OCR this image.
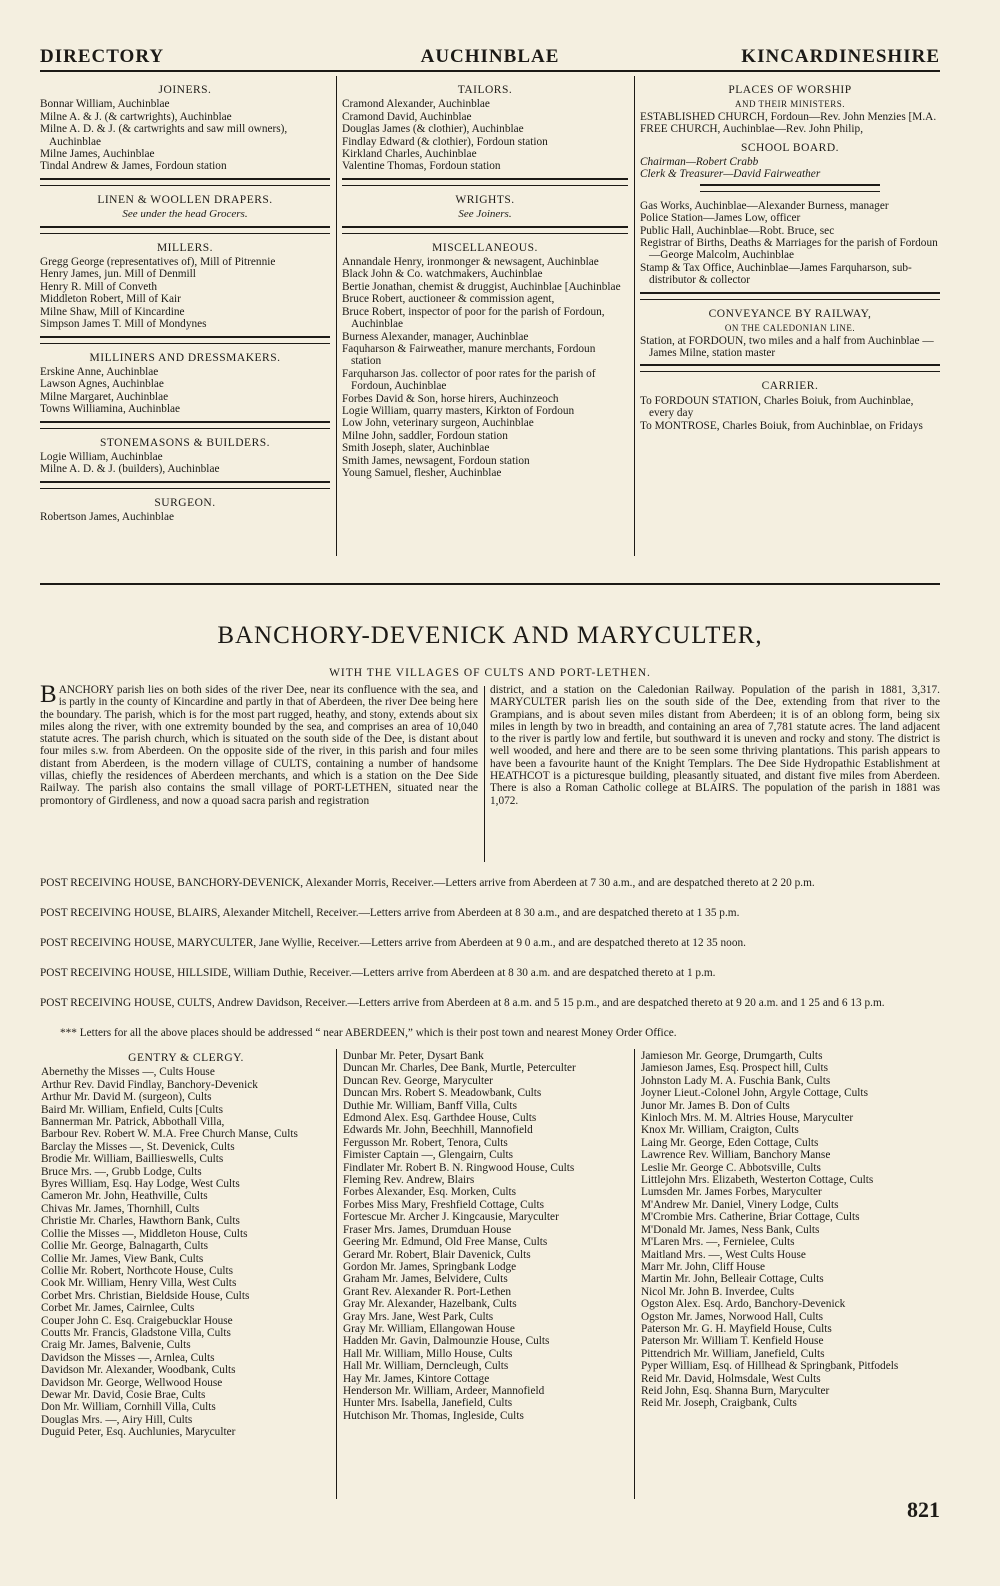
DIRECTORY	AUCHINBLAE	KINCARDINESHIRE
JOINERS.
Bonnar William, Auchinblae
Milne A. & J. (& cartwrights), Auchinblae
Milne A. D. & J. (& cartwrights and saw mill owners), Auchinblae
Milne James, Auchinblae
Tindal Andrew & James, Fordoun station
LINEN & WOOLLEN DRAPERS.
See under the head Grocers.
MILLERS.
Gregg George (representatives of), Mill of Pitrennie
Henry James, jun. Mill of Denmill
Henry R. Mill of Conveth
Middleton Robert, Mill of Kair
Milne Shaw, Mill of Kincardine
Simpson James T. Mill of Mondynes
MILLINERS AND DRESSMAKERS.
Erskine Anne, Auchinblae
Lawson Agnes, Auchinblae
Milne Margaret, Auchinblae
Towns Williamina, Auchinblae
STONEMASONS & BUILDERS.
Logie William, Auchinblae
Milne A. D. & J. (builders), Auchinblae
SURGEON.
Robertson James, Auchinblae
TAILORS.
Cramond Alexander, Auchinblae
Cramond David, Auchinblae
Douglas James (& clothier), Auchinblae
Findlay Edward (& clothier), Fordoun station
Kirkland Charles, Auchinblae
Valentine Thomas, Fordoun station
WRIGHTS.
See Joiners.
MISCELLANEOUS.
Annandale Henry, ironmonger & newsagent, Auchinblae
Black John & Co. watchmakers, Auchinblae
Bertie Jonathan, chemist & druggist, Auchinblae [Auchinblae
Bruce Robert, auctioneer & commission agent,
Bruce Robert, inspector of poor for the parish of Fordoun, Auchinblae
Burness Alexander, manager, Auchinblae
Faquharson & Fairweather, manure merchants, Fordoun station
Farquharson Jas. collector of poor rates for the parish of Fordoun, Auchinblae
Forbes David & Son, horse hirers, Auchinzeoch
Logie William, quarry masters, Kirkton of Fordoun
Low John, veterinary surgeon, Auchinblae
Milne John, saddler, Fordoun station
Smith Joseph, slater, Auchinblae
Smith James, newsagent, Fordoun station
Young Samuel, flesher, Auchinblae
PLACES OF WORSHIP
AND THEIR MINISTERS.
ESTABLISHED CHURCH, Fordoun—Rev. John Menzies [M.A.
FREE CHURCH, Auchinblae—Rev. John Philip,
SCHOOL BOARD.
Chairman—Robert Crabb
Clerk & Treasurer—David Fairweather
Gas Works, Auchinblae—Alexander Burness, manager
Police Station—James Low, officer
Public Hall, Auchinblae—Robt. Bruce, sec
Registrar of Births, Deaths & Marriages for the parish of Fordoun—George Malcolm, Auchinblae
Stamp & Tax Office, Auchinblae—James Farquharson, sub-distributor & collector
CONVEYANCE BY RAILWAY,
ON THE CALEDONIAN LINE.
Station, at FORDOUN, two miles and a half from Auchinblae — James Milne, station master
CARRIER.
To FORDOUN STATION, Charles Boiuk, from Auchinblae, every day
To MONTROSE, Charles Boiuk, from Auchinblae, on Fridays
BANCHORY-DEVENICK AND MARYCULTER,
WITH THE VILLAGES OF CULTS AND PORT-LETHEN.
BANCHORY parish lies on both sides of the river Dee, near its confluence with the sea, and is partly in the county of Kincardine and partly in that of Aberdeen, the river Dee being here the boundary. The parish, which is for the most part rugged, heathy, and stony, extends about six miles along the river, with one extremity bounded by the sea, and comprises an area of 10,040 statute acres. The parish church, which is situated on the south side of the Dee, is distant about four miles s.w. from Aberdeen. On the opposite side of the river, in this parish and four miles distant from Aberdeen, is the modern village of CULTS, containing a number of handsome villas, chiefly the residences of Aberdeen merchants, and which is a station on the Dee Side Railway. The parish also contains the small village of PORT-LETHEN, situated near the promontory of Girdleness, and now a quoad sacra parish and registration
district, and a station on the Caledonian Railway. Population of the parish in 1881, 3,317. MARYCULTER parish lies on the south side of the Dee, extending from that river to the Grampians, and is about seven miles distant from Aberdeen; it is of an oblong form, being six miles in length by two in breadth, and containing an area of 7,781 statute acres. The land adjacent to the river is partly low and fertile, but southward it is uneven and rocky and stony. The district is well wooded, and here and there are to be seen some thriving plantations. This parish appears to have been a favourite haunt of the Knight Templars. The Dee Side Hydropathic Establishment at HEATHCOT is a picturesque building, pleasantly situated, and distant five miles from Aberdeen. There is also a Roman Catholic college at BLAIRS. The population of the parish in 1881 was 1,072.
POST RECEIVING HOUSE, BANCHORY-DEVENICK, Alexander Morris, Receiver.—Letters arrive from Aberdeen at 7 30 a.m., and are despatched thereto at 2 20 p.m.
POST RECEIVING HOUSE, BLAIRS, Alexander Mitchell, Receiver.—Letters arrive from Aberdeen at 8 30 a.m., and are despatched thereto at 1 35 p.m.
POST RECEIVING HOUSE, MARYCULTER, Jane Wyllie, Receiver.—Letters arrive from Aberdeen at 9 0 a.m., and are despatched thereto at 12 35 noon.
POST RECEIVING HOUSE, HILLSIDE, William Duthie, Receiver.—Letters arrive from Aberdeen at 8 30 a.m. and are despatched thereto at 1 p.m.
POST RECEIVING HOUSE, CULTS, Andrew Davidson, Receiver.—Letters arrive from Aberdeen at 8 a.m. and 5 15 p.m., and are despatched thereto at 9 20 a.m. and 1 25 and 6 13 p.m.
*** Letters for all the above places should be addressed “ near ABERDEEN,” which is their post town and nearest Money Order Office.
GENTRY & CLERGY.
Abernethy the Misses —, Cults House
Arthur Rev. David Findlay, Banchory-Devenick
Arthur Mr. David M. (surgeon), Cults
Baird Mr. William, Enfield, Cults [Cults
Bannerman Mr. Patrick, Abbothall Villa,
Barbour Rev. Robert W. M.A. Free Church Manse, Cults
Barclay the Misses —, St. Devenick, Cults
Brodie Mr. William, Baillieswells, Cults
Bruce Mrs. —, Grubb Lodge, Cults
Byres William, Esq. Hay Lodge, West Cults
Cameron Mr. John, Heathville, Cults
Chivas Mr. James, Thornhill, Cults
Christie Mr. Charles, Hawthorn Bank, Cults
Collie the Misses —, Middleton House, Cults
Collie Mr. George, Balnagarth, Cults
Collie Mr. James, View Bank, Cults
Collie Mr. Robert, Northcote House, Cults
Cook Mr. William, Henry Villa, West Cults
Corbet Mrs. Christian, Bieldside House, Cults
Corbet Mr. James, Cairnlee, Cults
Couper John C. Esq. Craigebucklar House
Coutts Mr. Francis, Gladstone Villa, Cults
Craig Mr. James, Balvenie, Cults
Davidson the Misses —, Arnlea, Cults
Davidson Mr. Alexander, Woodbank, Cults
Davidson Mr. George, Wellwood House
Dewar Mr. David, Cosie Brae, Cults
Don Mr. William, Cornhill Villa, Cults
Douglas Mrs. —, Airy Hill, Cults
Duguid Peter, Esq. Auchlunies, Maryculter
Dunbar Mr. Peter, Dysart Bank
Duncan Mr. Charles, Dee Bank, Murtle, Peterculter
Duncan Rev. George, Maryculter
Duncan Mrs. Robert S. Meadowbank, Cults
Duthie Mr. William, Banff Villa, Cults
Edmond Alex. Esq. Garthdee House, Cults
Edwards Mr. John, Beechhill, Mannofield
Fergusson Mr. Robert, Tenora, Cults
Fimister Captain —, Glengairn, Cults
Findlater Mr. Robert B. N. Ringwood House, Cults
Fleming Rev. Andrew, Blairs
Forbes Alexander, Esq. Morken, Cults
Forbes Miss Mary, Freshfield Cottage, Cults
Fortescue Mr. Archer J. Kingcausie, Maryculter
Fraser Mrs. James, Drumduan House
Geering Mr. Edmund, Old Free Manse, Cults
Gerard Mr. Robert, Blair Davenick, Cults
Gordon Mr. James, Springbank Lodge
Graham Mr. James, Belvidere, Cults
Grant Rev. Alexander R. Port-Lethen
Gray Mr. Alexander, Hazelbank, Cults
Gray Mrs. Jane, West Park, Cults
Gray Mr. William, Ellangowan House
Hadden Mr. Gavin, Dalmounzie House, Cults
Hall Mr. William, Millo House, Cults
Hall Mr. William, Derncleugh, Cults
Hay Mr. James, Kintore Cottage
Henderson Mr. William, Ardeer, Mannofield
Hunter Mrs. Isabella, Janefield, Cults
Hutchison Mr. Thomas, Ingleside, Cults
Jamieson Mr. George, Drumgarth, Cults
Jamieson James, Esq. Prospect hill, Cults
Johnston Lady M. A. Fuschia Bank, Cults
Joyner Lieut.-Colonel John, Argyle Cottage, Cults
Junor Mr. James B. Don of Cults
Kinloch Mrs. M. M. Altries House, Maryculter
Knox Mr. William, Craigton, Cults
Laing Mr. George, Eden Cottage, Cults
Lawrence Rev. William, Banchory Manse
Leslie Mr. George C. Abbotsville, Cults
Littlejohn Mrs. Elizabeth, Westerton Cottage, Cults
Lumsden Mr. James Forbes, Maryculter
M'Andrew Mr. Daniel, Vinery Lodge, Cults
M'Crombie Mrs. Catherine, Briar Cottage, Cults
M'Donald Mr. James, Ness Bank, Cults
M'Laren Mrs. —, Fernielee, Cults
Maitland Mrs. —, West Cults House
Marr Mr. John, Cliff House
Martin Mr. John, Belleair Cottage, Cults
Nicol Mr. John B. Inverdee, Cults
Ogston Alex. Esq. Ardo, Banchory-Devenick
Ogston Mr. James, Norwood Hall, Cults
Paterson Mr. G. H. Mayfield House, Cults
Paterson Mr. William T. Kenfield House
Pittendrich Mr. William, Janefield, Cults
Pyper William, Esq. of Hillhead & Springbank, Pitfodels
Reid Mr. David, Holmsdale, West Cults
Reid John, Esq. Shanna Burn, Maryculter
Reid Mr. Joseph, Craigbank, Cults
821
